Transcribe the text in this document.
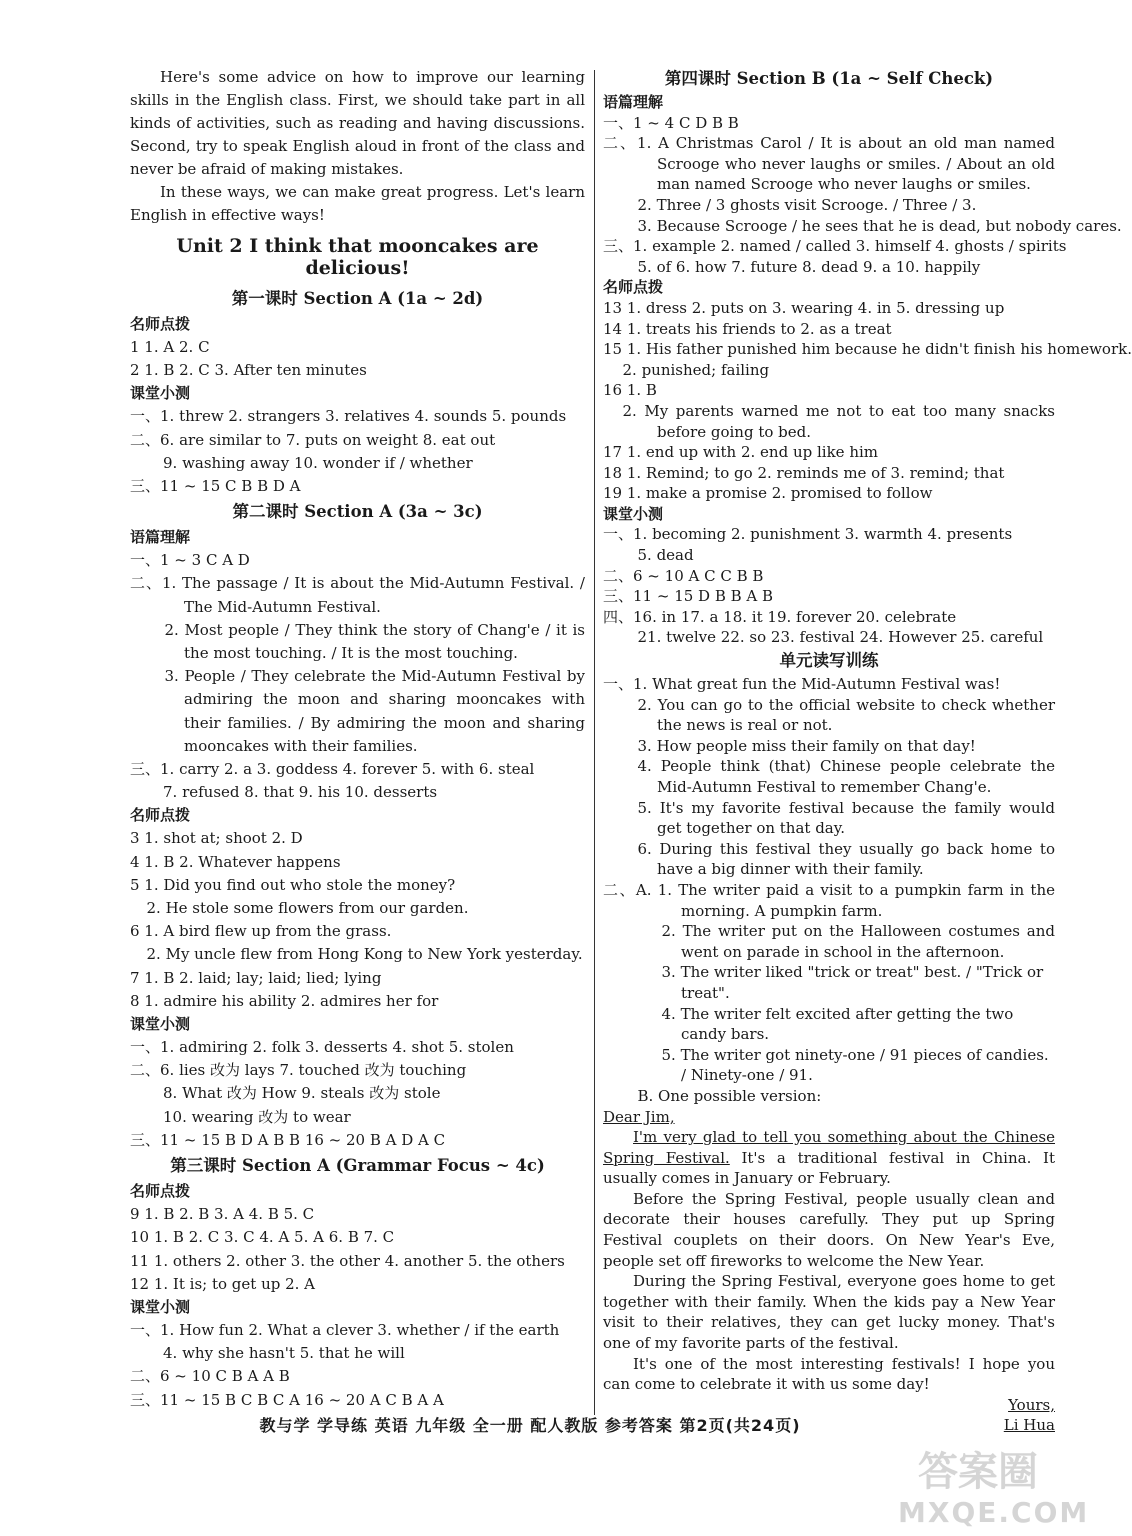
Here's some advice on how to improve our learning skills in the English class. First, we should take part in all kinds of activities, such as reading and having discussions. Second, try to speak English aloud in front of the class and never be afraid of making mistakes.

In these ways, we can make great progress. Let's learn English in effective ways!

Unit 2 I think that mooncakes are delicious!
第一课时 Section A (1a ~ 2d)
名师点拨
1 1. A 2. C
2 1. B 2. C 3. After ten minutes
课堂小测
一、1. threw 2. strangers 3. relatives 4. sounds 5. pounds
二、6. are similar to 7. puts on weight 8. eat out
9. washing away 10. wonder if / whether
三、11 ~ 15 C B B D A
第二课时 Section A (3a ~ 3c)
语篇理解
一、1 ~ 3 C A D
二、1. The passage / It is about the Mid-Autumn Festival. / The Mid-Autumn Festival.
2. Most people / They think the story of Chang'e / it is the most touching. / It is the most touching.
3. People / They celebrate the Mid-Autumn Festival by admiring the moon and sharing mooncakes with their families. / By admiring the moon and sharing mooncakes with their families.
三、1. carry 2. a 3. goddess 4. forever 5. with 6. steal
7. refused 8. that 9. his 10. desserts
名师点拨
3 1. shot at; shoot 2. D
4 1. B 2. Whatever happens
5 1. Did you find out who stole the money?
2. He stole some flowers from our garden.
6 1. A bird flew up from the grass.
2. My uncle flew from Hong Kong to New York yesterday.
7 1. B 2. laid; lay; laid; lied; lying
8 1. admire his ability 2. admires her for
课堂小测
一、1. admiring 2. folk 3. desserts 4. shot 5. stolen
二、6. lies 改为 lays 7. touched 改为 touching
8. What 改为 How 9. steals 改为 stole
10. wearing 改为 to wear
三、11 ~ 15 B D A B B 16 ~ 20 B A D A C
第三课时 Section A (Grammar Focus ~ 4c)
名师点拨
9 1. B 2. B 3. A 4. B 5. C
10 1. B 2. C 3. C 4. A 5. A 6. B 7. C
11 1. others 2. other 3. the other 4. another 5. the others
12 1. It is; to get up 2. A
课堂小测
一、1. How fun 2. What a clever 3. whether / if the earth
4. why she hasn't 5. that he will
二、6 ~ 10 C B A A B
三、11 ~ 15 B C B C A 16 ~ 20 A C B A A
第四课时 Section B (1a ~ Self Check)
语篇理解
一、1 ~ 4 C D B B
二、1. A Christmas Carol / It is about an old man named Scrooge who never laughs or smiles. / About an old man named Scrooge who never laughs or smiles.
2. Three / 3 ghosts visit Scrooge. / Three / 3.
3. Because Scrooge / he sees that he is dead, but nobody cares.
三、1. example 2. named / called 3. himself 4. ghosts / spirits
5. of 6. how 7. future 8. dead 9. a 10. happily
名师点拨
13 1. dress 2. puts on 3. wearing 4. in 5. dressing up
14 1. treats his friends to 2. as a treat
15 1. His father punished him because he didn't finish his homework.
2. punished; failing
16 1. B
2. My parents warned me not to eat too many snacks before going to bed.
17 1. end up with 2. end up like him
18 1. Remind; to go 2. reminds me of 3. remind; that
19 1. make a promise 2. promised to follow
课堂小测
一、1. becoming 2. punishment 3. warmth 4. presents
5. dead
二、6 ~ 10 A C C B B
三、11 ~ 15 D B B A B
四、16. in 17. a 18. it 19. forever 20. celebrate
21. twelve 22. so 23. festival 24. However 25. careful
单元读写训练
一、1. What great fun the Mid-Autumn Festival was!
2. You can go to the official website to check whether the news is real or not.
3. How people miss their family on that day!
4. People think (that) Chinese people celebrate the Mid-Autumn Festival to remember Chang'e.
5. It's my favorite festival because the family would get together on that day.
6. During this festival they usually go back home to have a big dinner with their family.
二、A. 1. The writer paid a visit to a pumpkin farm in the morning. A pumpkin farm.
2. The writer put on the Halloween costumes and went on parade in school in the afternoon.
3. The writer liked "trick or treat" best. / "Trick or treat".
4. The writer felt excited after getting the two candy bars.
5. The writer got ninety-one / 91 pieces of candies. / Ninety-one / 91.
B. One possible version:
Dear Jim,

I'm very glad to tell you something about the Chinese Spring Festival. It's a traditional festival in China. It usually comes in January or February.

Before the Spring Festival, people usually clean and decorate their houses carefully. They put up Spring Festival couplets on their doors. On New Year's Eve, people set off fireworks to welcome the New Year.

During the Spring Festival, everyone goes home to get together with their family. When the kids pay a New Year visit to their relatives, they can get lucky money. That's one of my favorite parts of the festival.

It's one of the most interesting festivals! I hope you can come to celebrate it with us some day!

Yours,
Li Hua
教与学 学导练 英语 九年级 全一册 配人教版 参考答案 第2页(共24页)
答案圈
MXQE.COM
